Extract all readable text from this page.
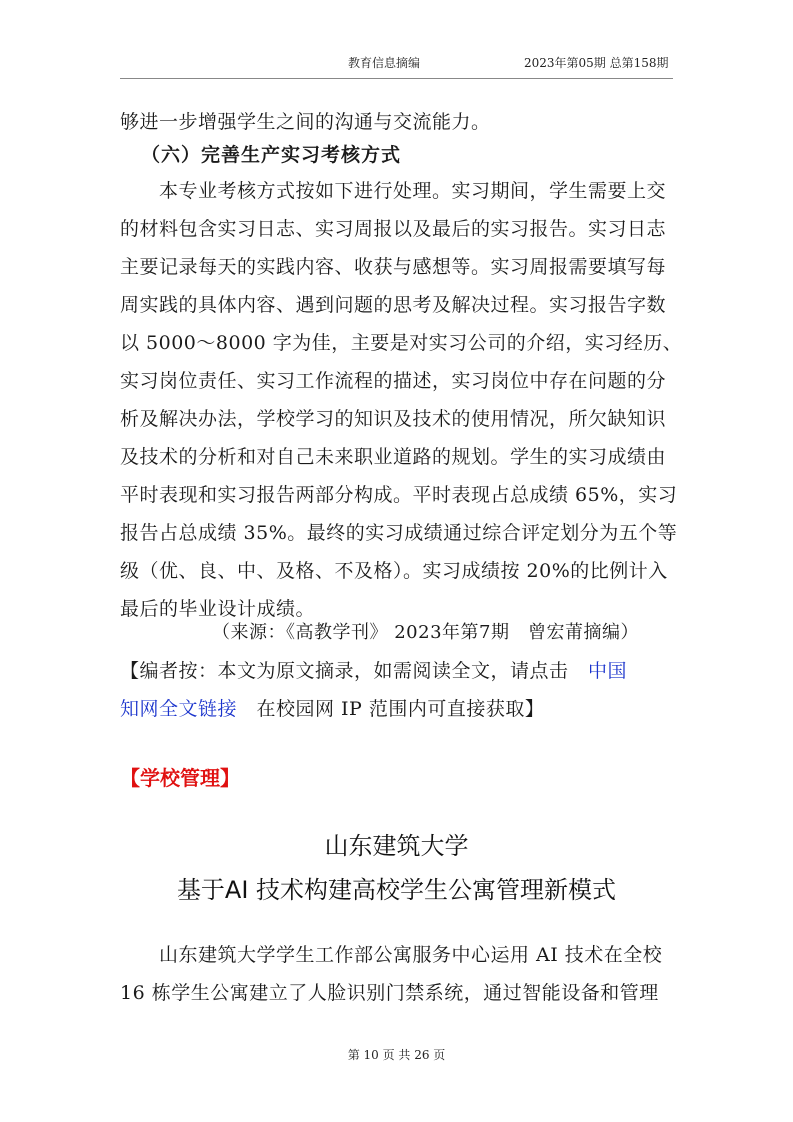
教育信息摘编	2023年第05期 总第158期
够进一步增强学生之间的沟通与交流能力。
（六）完善生产实习考核方式
　　本专业考核方式按如下进行处理。实习期间，学生需要上交
的材料包含实习日志、实习周报以及最后的实习报告。实习日志
主要记录每天的实践内容、收获与感想等。实习周报需要填写每
周实践的具体内容、遇到问题的思考及解决过程。实习报告字数
以 5000～8000 字为佳，主要是对实习公司的介绍，实习经历、
实习岗位责任、实习工作流程的描述，实习岗位中存在问题的分
析及解决办法，学校学习的知识及技术的使用情况，所欠缺知识
及技术的分析和对自己未来职业道路的规划。学生的实习成绩由
平时表现和实习报告两部分构成。平时表现占总成绩 65%，实习
报告占总成绩 35%。最终的实习成绩通过综合评定划分为五个等
级（优、良、中、及格、不及格）。实习成绩按 20%的比例计入
最后的毕业设计成绩。
（来源：《高教学刊》 2023年第7期　曾宏莆摘编）
【编者按：本文为原文摘录，如需阅读全文，请点击　中国
知网全文链接　在校园网 IP 范围内可直接获取】
【学校管理】
山东建筑大学
基于AI 技术构建高校学生公寓管理新模式
　　山东建筑大学学生工作部公寓服务中心运用 AI 技术在全校
16 栋学生公寓建立了人脸识别门禁系统，通过智能设备和管理
第 10 页 共 26 页
